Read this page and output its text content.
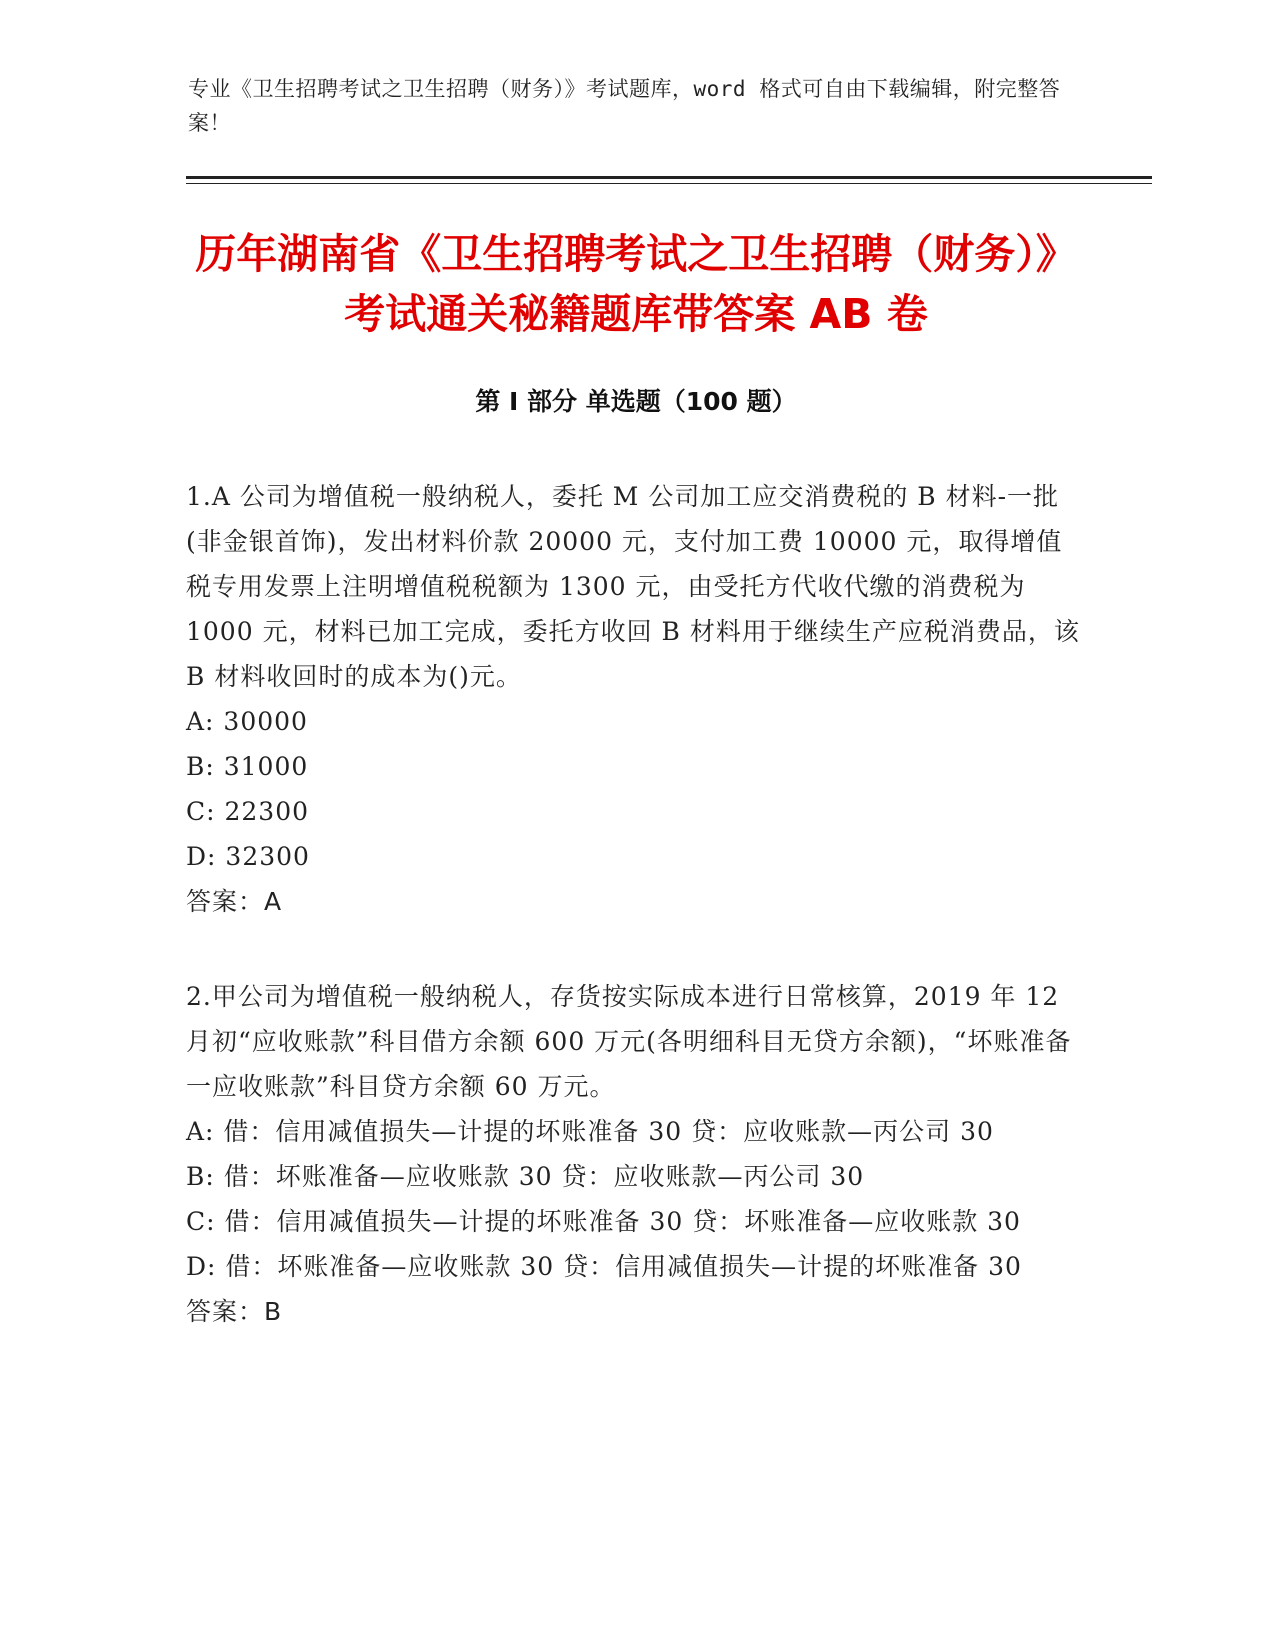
专业《卫生招聘考试之卫生招聘（财务）》考试题库，word 格式可自由下载编辑，附完整答案！
历年湖南省《卫生招聘考试之卫生招聘（财务）》考试通关秘籍题库带答案 AB 卷
第 I 部分 单选题（100 题）

1.A 公司为增值税一般纳税人，委托 M 公司加工应交消费税的 B 材料-一批(非金银首饰)，发出材料价款 20000 元，支付加工费 10000 元，取得增值税专用发票上注明增值税税额为 1300 元，由受托方代收代缴的消费税为 1000 元，材料已加工完成，委托方收回 B 材料用于继续生产应税消费品，该 B 材料收回时的成本为()元。

A: 30000

B: 31000

C: 22300

D: 32300

答案：A

2.甲公司为增值税一般纳税人，存货按实际成本进行日常核算，2019 年 12 月初“应收账款”科目借方余额 600 万元(各明细科目无贷方余额)，“坏账准备一应收账款”科目贷方余额 60 万元。

A: 借：信用减值损失—计提的坏账准备 30 贷：应收账款—丙公司 30

B: 借：坏账准备—应收账款 30 贷：应收账款—丙公司 30

C: 借：信用减值损失—计提的坏账准备 30 贷：坏账准备—应收账款 30

D: 借：坏账准备—应收账款 30 贷：信用减值损失—计提的坏账准备 30

答案：B
